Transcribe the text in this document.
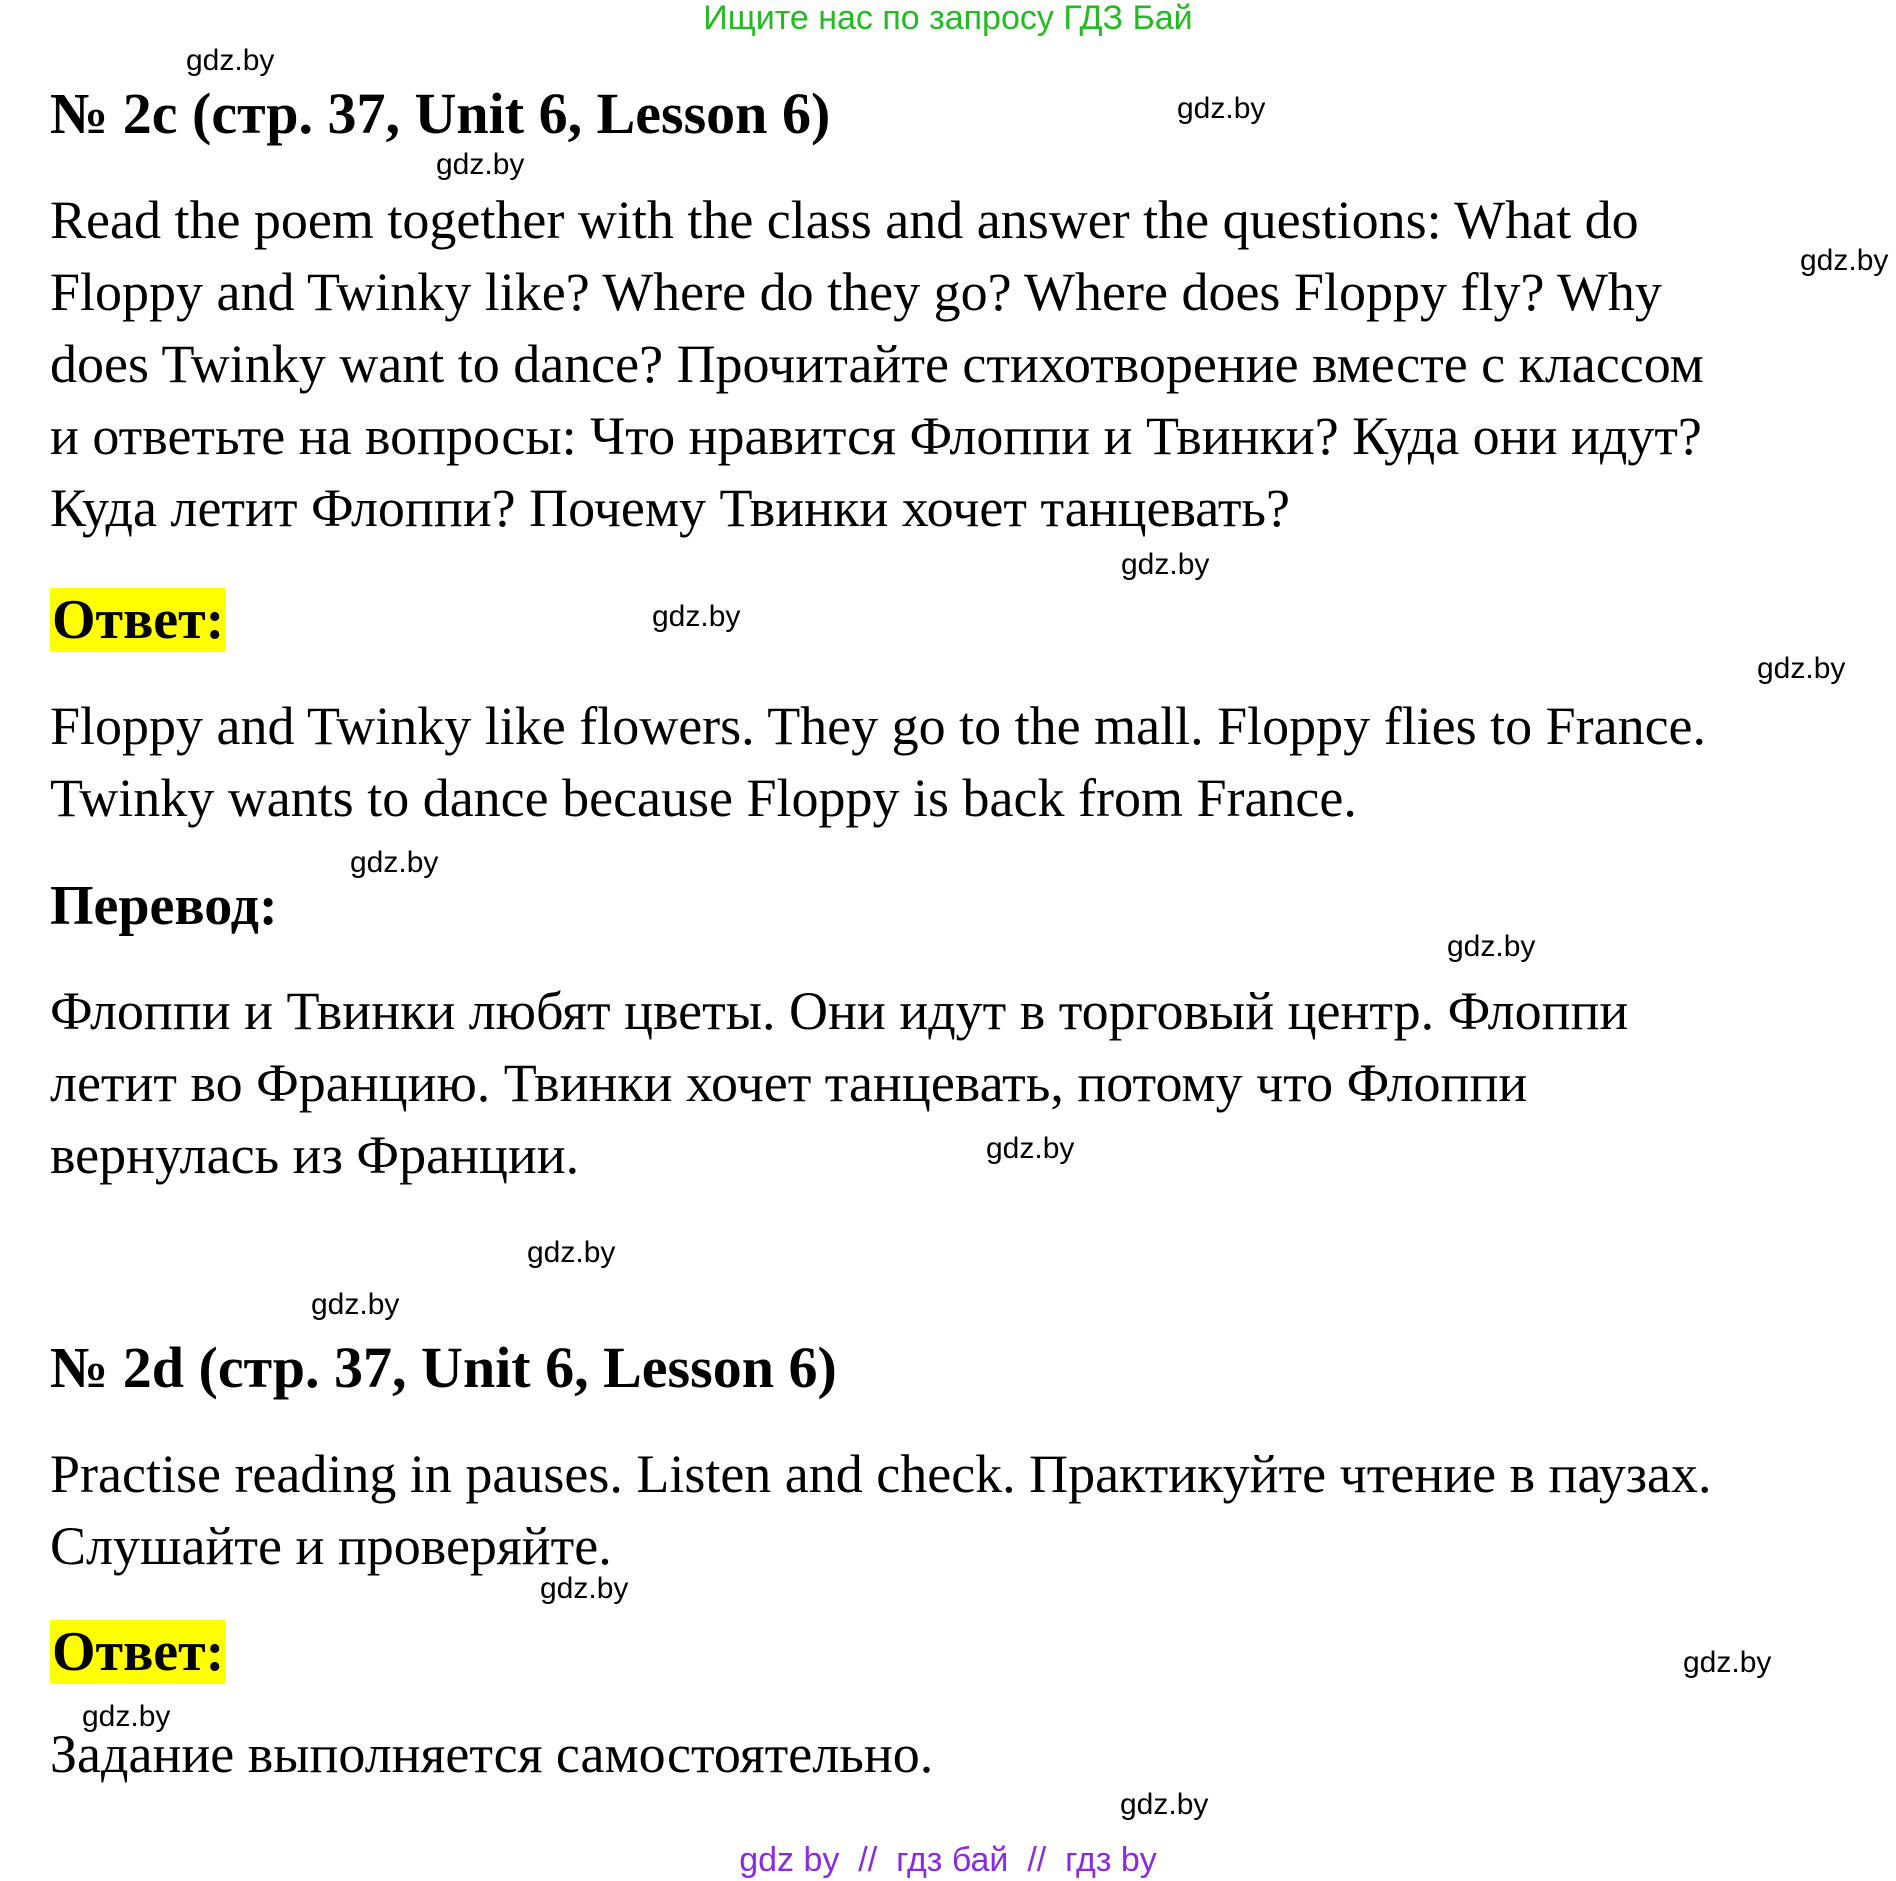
Ищите нас по запросу ГДЗ Бай
№ 2c (стр. 37, Unit 6, Lesson 6)
Read the poem together with the class and answer the questions: What do
Floppy and Twinky like? Where do they go? Where does Floppy fly? Why
does Twinky want to dance? Прочитайте стихотворение вместе с классом
и ответьте на вопросы: Что нравится Флоппи и Твинки? Куда они идут?
Куда летит Флоппи? Почему Твинки хочет танцевать?
Ответ:
Floppy and Twinky like flowers. They go to the mall. Floppy flies to France.
Twinky wants to dance because Floppy is back from France.
Перевод:
Флоппи и Твинки любят цветы. Они идут в торговый центр. Флоппи
летит во Францию. Твинки хочет танцевать, потому что Флоппи
вернулась из Франции.
№ 2d (стр. 37, Unit 6, Lesson 6)
Practise reading in pauses. Listen and check. Практикуйте чтение в паузах.
Слушайте и проверяйте.
Ответ:
Задание выполняется самостоятельно.
gdz.by
gdz.by
gdz.by
gdz.by
gdz.by
gdz.by
gdz.by
gdz.by
gdz.by
gdz.by
gdz.by
gdz.by
gdz.by
gdz.by
gdz.by
gdz.by
gdz by  //  гдз бай  //  гдз by
